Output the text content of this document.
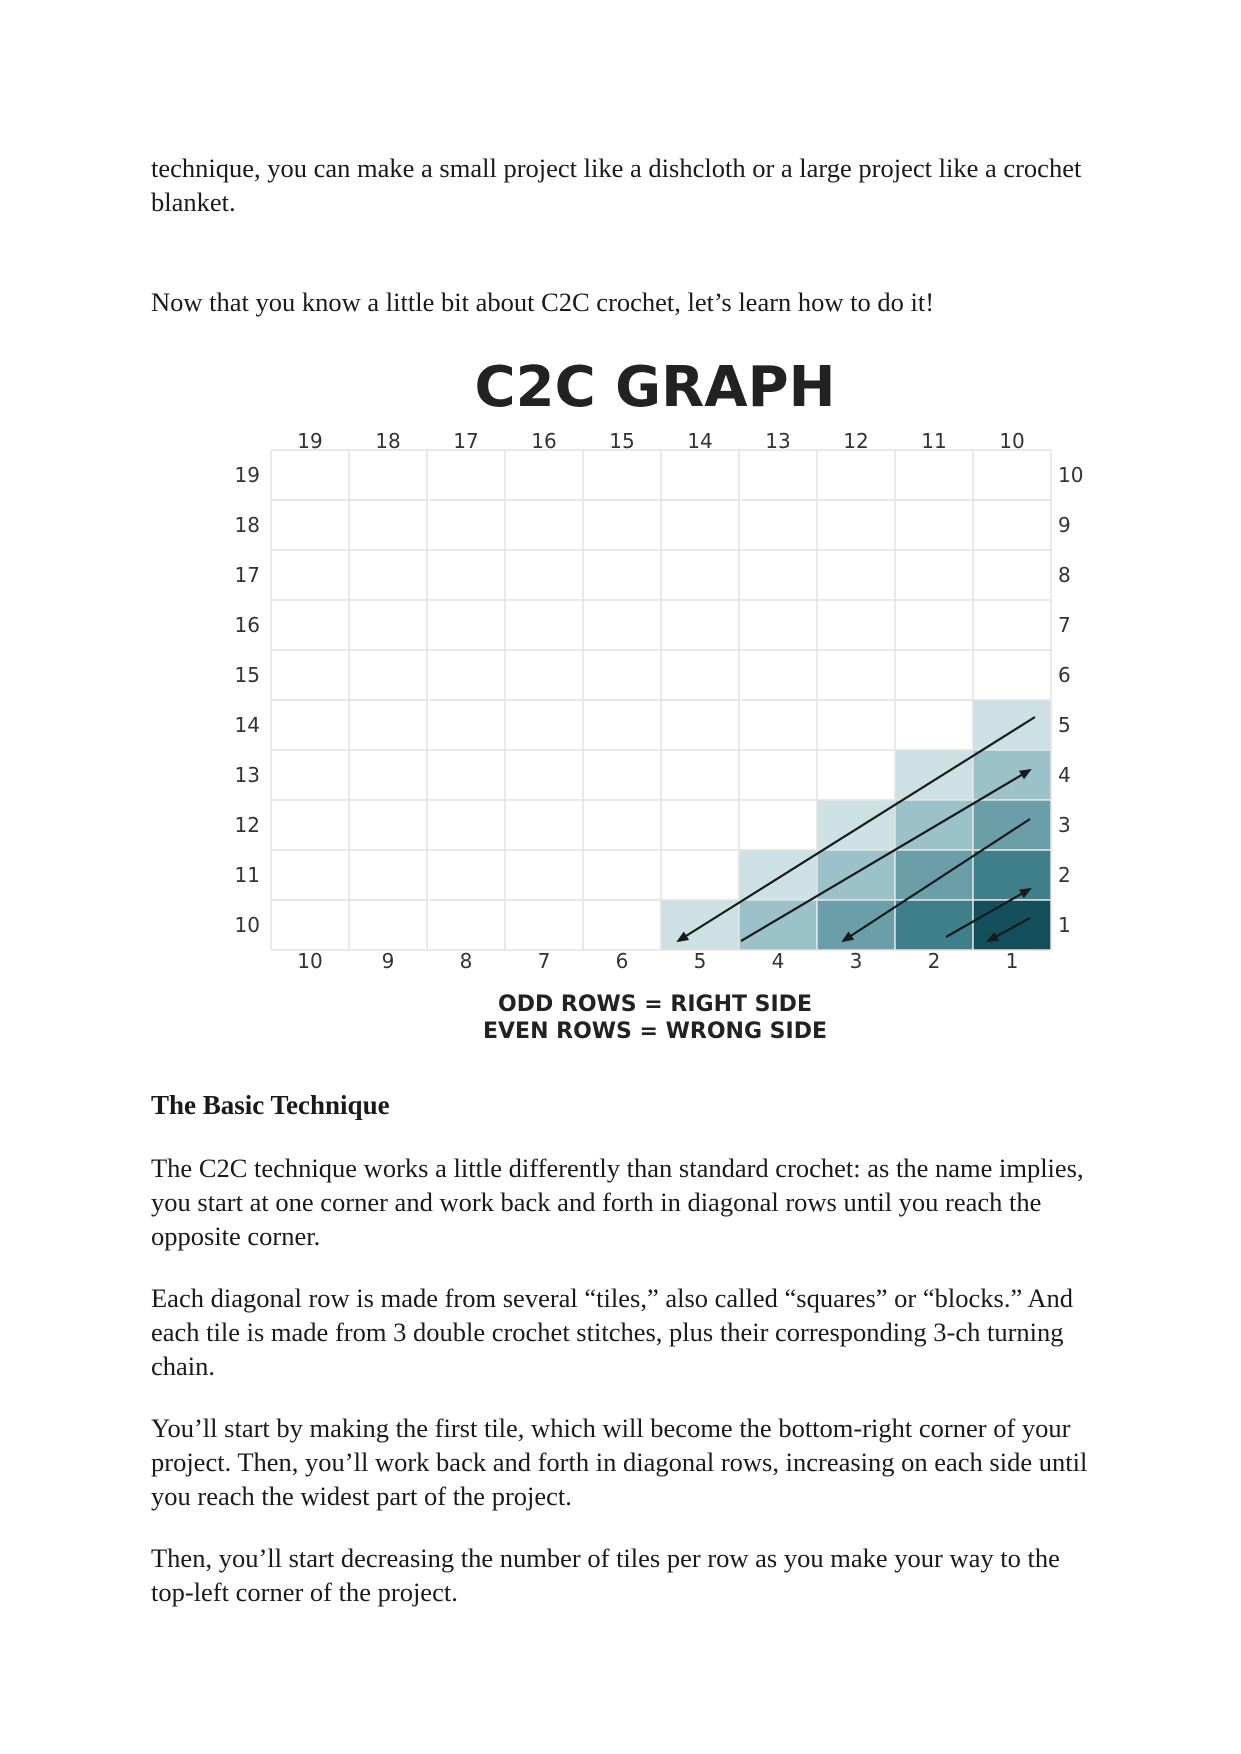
technique, you can make a small project like a dishcloth or a large project like a crochet blanket.

Now that you know a little bit about C2C crochet, let’s learn how to do it!

C2C GRAPH
19	18	17	16	15	14	13	12	11	10
19
18
17
16
15
14
13
12
11
10
10
9
8
7
6
5
4
3
2
1
10	9	8	7	6	5	4	3	2	1
ODD ROWS = RIGHT SIDE
EVEN ROWS = WRONG SIDE
The Basic Technique

The C2C technique works a little differently than standard crochet: as the name implies, you start at one corner and work back and forth in diagonal rows until you reach the opposite corner.

Each diagonal row is made from several “tiles,” also called “squares” or “blocks.” And each tile is made from 3 double crochet stitches, plus their corresponding 3-ch turning chain.

You’ll start by making the first tile, which will become the bottom-right corner of your project. Then, you’ll work back and forth in diagonal rows, increasing on each side until you reach the widest part of the project.

Then, you’ll start decreasing the number of tiles per row as you make your way to the top-left corner of the project.
